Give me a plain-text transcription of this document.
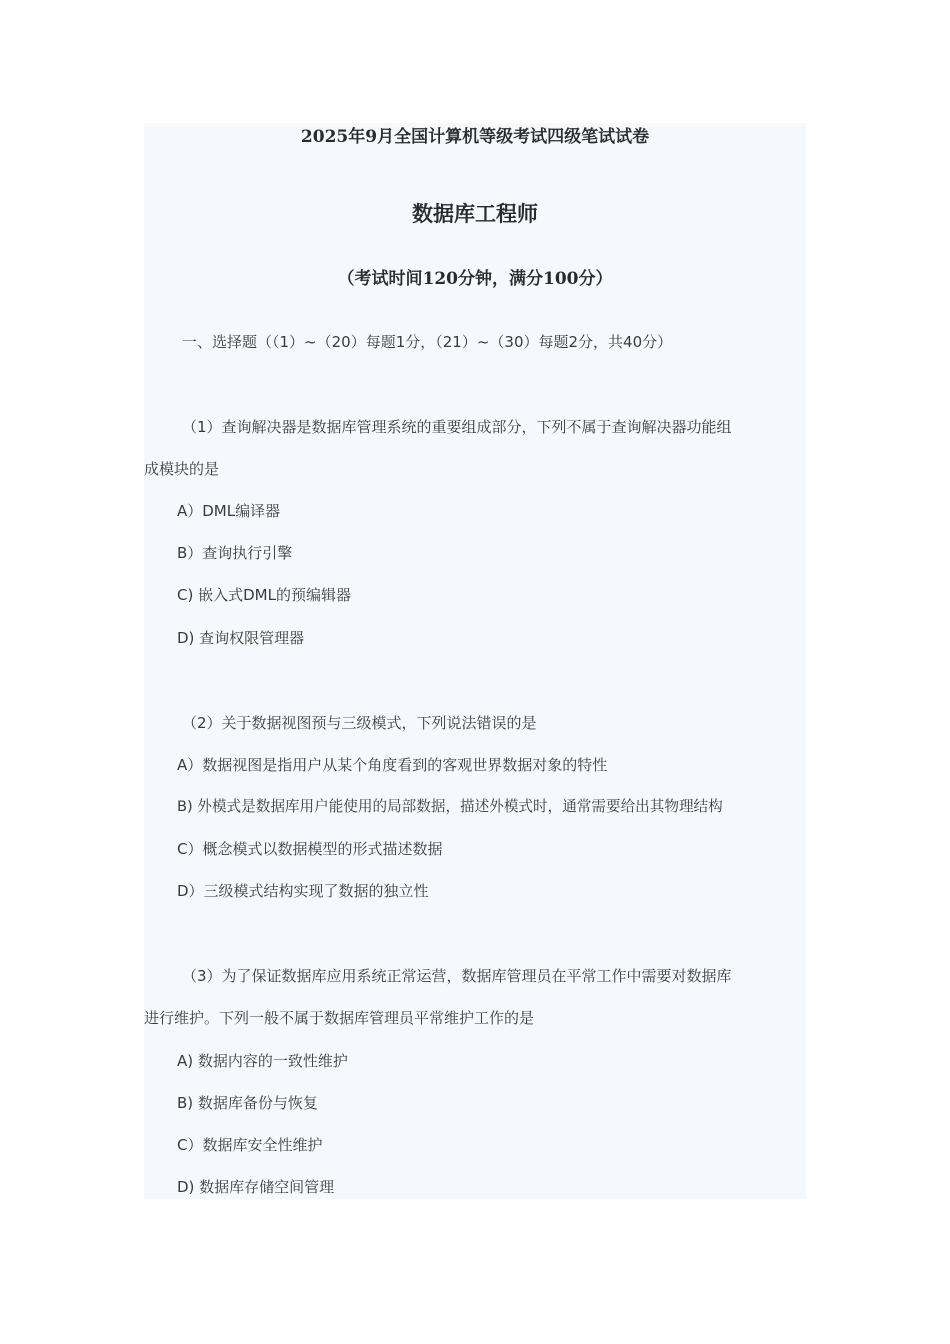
2025年9月全国计算机等级考试四级笔试试卷
数据库工程师

（考试时间120分钟，满分100分）

一、选择题（（1）~（20）每题1分，（21）~（30）每题2分，共40分）

（1）查询解决器是数据库管理系统的重要组成部分，下列不属于查询解决器功能组

成模块的是

A）DML编译器

B）查询执行引擎

C) 嵌入式DML的预编辑器

D) 查询权限管理器

（2）关于数据视图预与三级模式，下列说法错误的是

A）数据视图是指用户从某个角度看到的客观世界数据对象的特性

B) 外模式是数据库用户能使用的局部数据，描述外模式时，通常需要给出其物理结构

C）概念模式以数据模型的形式描述数据

D）三级模式结构实现了数据的独立性

（3）为了保证数据库应用系统正常运营，数据库管理员在平常工作中需要对数据库

进行维护。下列一般不属于数据库管理员平常维护工作的是

A) 数据内容的一致性维护

B) 数据库备份与恢复

C）数据库安全性维护

D) 数据库存储空间管理
